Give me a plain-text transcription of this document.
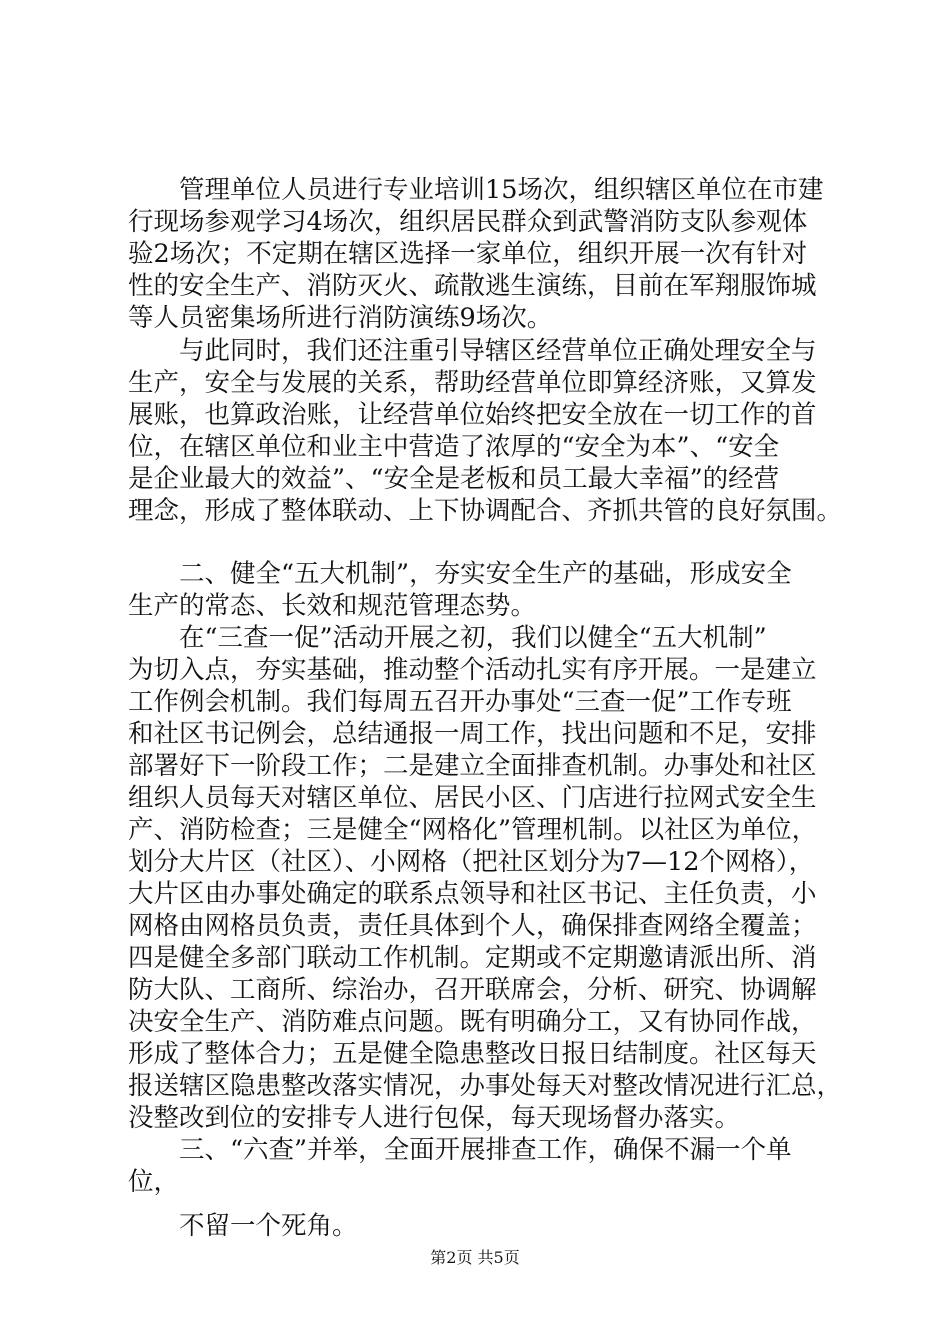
　　管理单位人员进行专业培训15场次，组织辖区单位在市建
行现场参观学习4场次，组织居民群众到武警消防支队参观体
验2场次；不定期在辖区选择一家单位，组织开展一次有针对
性的安全生产、消防灭火、疏散逃生演练，目前在军翔服饰城
等人员密集场所进行消防演练9场次。
　　与此同时，我们还注重引导辖区经营单位正确处理安全与
生产，安全与发展的关系，帮助经营单位即算经济账，又算发
展账，也算政治账，让经营单位始终把安全放在一切工作的首
位，在辖区单位和业主中营造了浓厚的“安全为本”、“安全
是企业最大的效益”、“安全是老板和员工最大幸福”的经营
理念，形成了整体联动、上下协调配合、齐抓共管的良好氛围。
　　二、健全“五大机制”，夯实安全生产的基础，形成安全
生产的常态、长效和规范管理态势。
　　在“三查一促”活动开展之初，我们以健全“五大机制”
为切入点，夯实基础，推动整个活动扎实有序开展。一是建立
工作例会机制。我们每周五召开办事处“三查一促”工作专班
和社区书记例会，总结通报一周工作，找出问题和不足，安排
部署好下一阶段工作；二是建立全面排查机制。办事处和社区
组织人员每天对辖区单位、居民小区、门店进行拉网式安全生
产、消防检查；三是健全“网格化”管理机制。以社区为单位，
划分大片区（社区）、小网格（把社区划分为7—12个网格），
大片区由办事处确定的联系点领导和社区书记、主任负责，小
网格由网格员负责，责任具体到个人，确保排查网络全覆盖；
四是健全多部门联动工作机制。定期或不定期邀请派出所、消
防大队、工商所、综治办，召开联席会，分析、研究、协调解
决安全生产、消防难点问题。既有明确分工，又有协同作战，
形成了整体合力；五是健全隐患整改日报日结制度。社区每天
报送辖区隐患整改落实情况，办事处每天对整改情况进行汇总，
没整改到位的安排专人进行包保，每天现场督办落实。
　　三、“六查”并举，全面开展排查工作，确保不漏一个单
位，
　　不留一个死角。
第2页 共5页
